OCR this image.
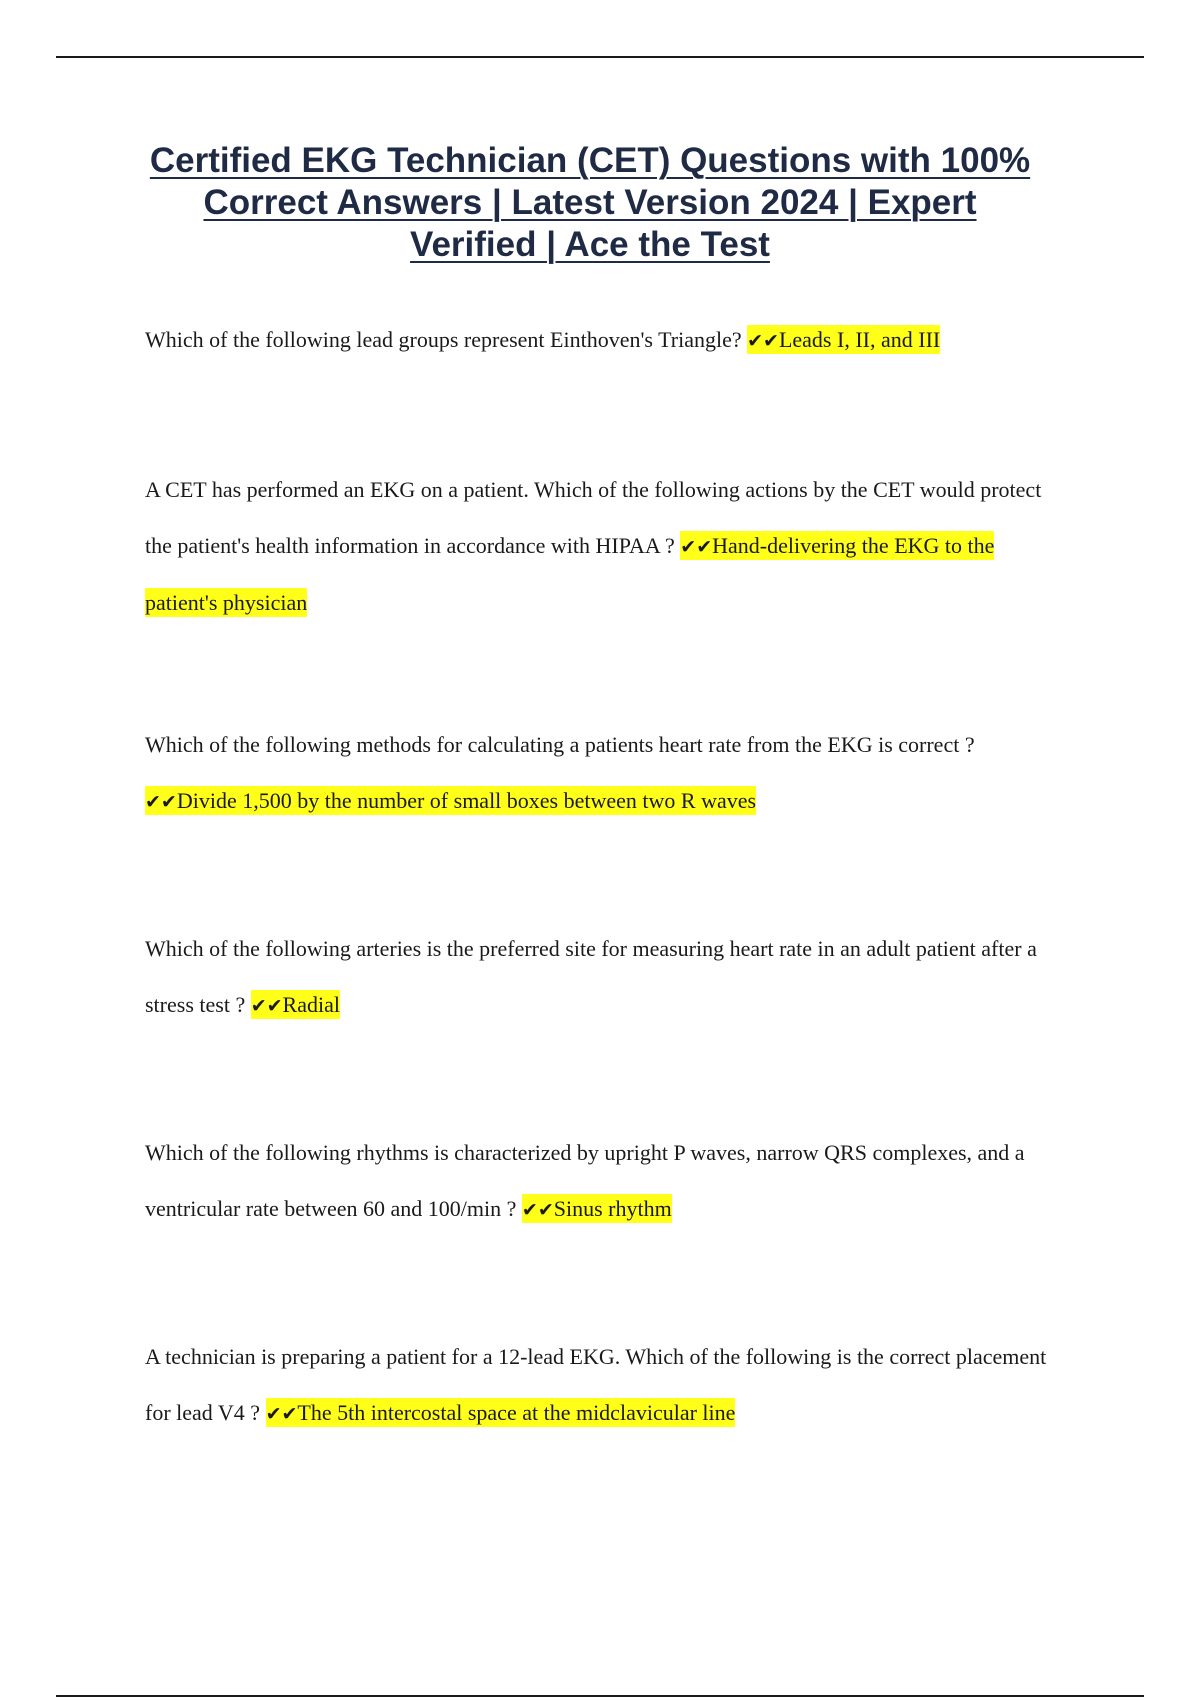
Certified EKG Technician (CET) Questions with 100% Correct Answers | Latest Version 2024 | Expert Verified | Ace the Test

Which of the following lead groups represent Einthoven's Triangle? ✔✔Leads I, II, and III

A CET has performed an EKG on a patient. Which of the following actions by the CET would protect the patient's health information in accordance with HIPAA ? ✔✔Hand-delivering the EKG to the patient's physician

Which of the following methods for calculating a patients heart rate from the EKG is correct ? ✔✔Divide 1,500 by the number of small boxes between two R waves

Which of the following arteries is the preferred site for measuring heart rate in an adult patient after a stress test ? ✔✔Radial

Which of the following rhythms is characterized by upright P waves, narrow QRS complexes, and a ventricular rate between 60 and 100/min ? ✔✔Sinus rhythm

A technician is preparing a patient for a 12-lead EKG. Which of the following is the correct placement for lead V4 ? ✔✔The 5th intercostal space at the midclavicular line
